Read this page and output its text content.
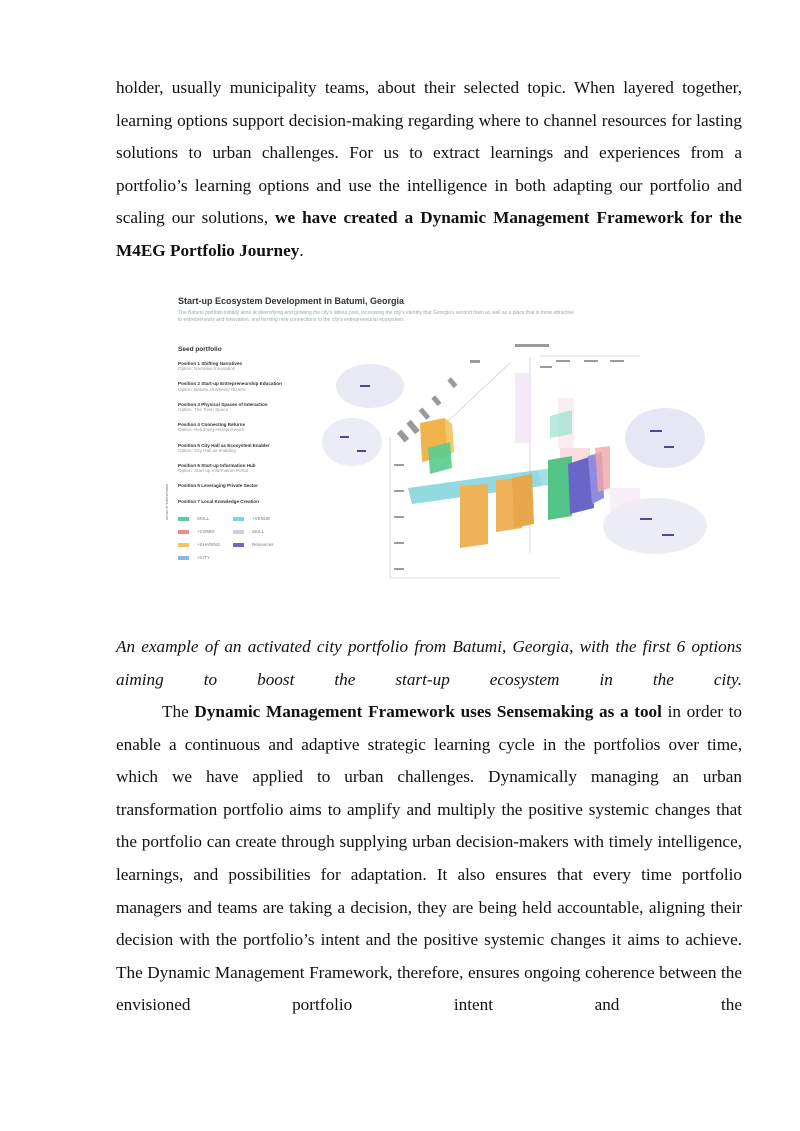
holder, usually municipality teams, about their selected topic. When layered together, learning options support decision-making regarding where to channel resources for lasting solutions to urban challenges. For us to extract learnings and experiences from a portfolio’s learning options and use the intelligence in both adapting our portfolio and scaling our solutions, we have created a Dynamic Management Framework for the M4EG Portfolio Journey.

Start-up Ecosystem Development in Batumi, Georgia
The Batumi portfolio initially aims at diversifying and growing the city's labour pool, increasing the city's identity that Georgia's second town as well as a place that is more attractive to entrepreneurs and innovation, and forming new connections to the city's entrepreneurial ecosystem.
Seed portfolio
Position 1 Shifting Narratives
Option: Narrative Innovation
Position 2 Start-up Entrepreneurship Education
Option: Batumi University Bizarre
Position 3 Physical Spaces of Interaction
Option: The Town Space
Position 4 Connecting Returns
Option: Returning entrepreneurs
Position 5 City Hall as Ecosystem Enabler
Option: City Hall as enabling
Position 6 Start-up Information Hub
Option: Start-up Information Portal
Position 5 Leveraging Private Sector
Position 7 Local Knowledge Creation
areas of intervention	SKILL	+VENUE
+COMM	SKILL
+SHARING	Resources
+CITY

An example of an activated city portfolio from Batumi, Georgia, with the first 6 options aiming to boost the start-up ecosystem in the city.

The Dynamic Management Framework uses Sensemaking as a tool in order to enable a continuous and adaptive strategic learning cycle in the portfolios over time, which we have applied to urban challenges. Dynamically managing an urban transformation portfolio aims to amplify and multiply the positive systemic changes that the portfolio can create through supplying urban decision-makers with timely intelligence, learnings, and possibilities for adaptation. It also ensures that every time portfolio managers and teams are taking a decision, they are being held accountable, aligning their decision with the portfolio’s intent and the positive systemic changes it aims to achieve. The Dynamic Management Framework, therefore, ensures ongoing coherence between the envisioned portfolio intent and the
